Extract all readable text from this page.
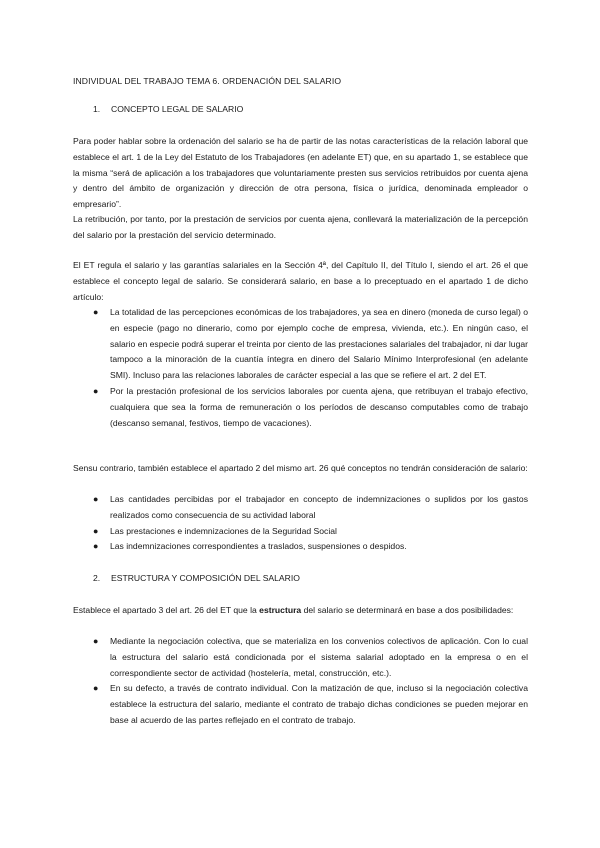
INDIVIDUAL DEL TRABAJO TEMA 6. ORDENACIÓN DEL SALARIO
1. CONCEPTO LEGAL DE SALARIO

Para poder hablar sobre la ordenación del salario se ha de partir de las notas características de la relación laboral que establece el art. 1 de la Ley del Estatuto de los Trabajadores (en adelante ET) que, en su apartado 1, se establece que la misma “será de aplicación a los trabajadores que voluntariamente presten sus servicios retribuidos por cuenta ajena y dentro del ámbito de organización y dirección de otra persona, física o jurídica, denominada empleador o empresario”.

La retribución, por tanto, por la prestación de servicios por cuenta ajena, conllevará la materialización de la percepción del salario por la prestación del servicio determinado.

El ET regula el salario y las garantías salariales en la Sección 4ª, del Capítulo II, del Título I, siendo el art. 26 el que establece el concepto legal de salario. Se considerará salario, en base a lo preceptuado en el apartado 1 de dicho artículo:

● La totalidad de las percepciones económicas de los trabajadores, ya sea en dinero (moneda de curso legal) o en especie (pago no dinerario, como por ejemplo coche de empresa, vivienda, etc.). En ningún caso, el salario en especie podrá superar el treinta por ciento de las prestaciones salariales del trabajador, ni dar lugar tampoco a la minoración de la cuantía íntegra en dinero del Salario Mínimo Interprofesional (en adelante SMI). Incluso para las relaciones laborales de carácter especial a las que se refiere el art. 2 del ET.
● Por la prestación profesional de los servicios laborales por cuenta ajena, que retribuyan el trabajo efectivo, cualquiera que sea la forma de remuneración o los períodos de descanso computables como de trabajo (descanso semanal, festivos, tiempo de vacaciones).

Sensu contrario, también establece el apartado 2 del mismo art. 26 qué conceptos no tendrán consideración de salario:

● Las cantidades percibidas por el trabajador en concepto de indemnizaciones o suplidos por los gastos realizados como consecuencia de su actividad laboral
● Las prestaciones e indemnizaciones de la Seguridad Social
● Las indemnizaciones correspondientes a traslados, suspensiones o despidos.
2. ESTRUCTURA Y COMPOSICIÓN DEL SALARIO

Establece el apartado 3 del art. 26 del ET que la estructura del salario se determinará en base a dos posibilidades:

● Mediante la negociación colectiva, que se materializa en los convenios colectivos de aplicación. Con lo cual la estructura del salario está condicionada por el sistema salarial adoptado en la empresa o en el correspondiente sector de actividad (hostelería, metal, construcción, etc.).
● En su defecto, a través de contrato individual. Con la matización de que, incluso si la negociación colectiva establece la estructura del salario, mediante el contrato de trabajo dichas condiciones se pueden mejorar en base al acuerdo de las partes reflejado en el contrato de trabajo.
